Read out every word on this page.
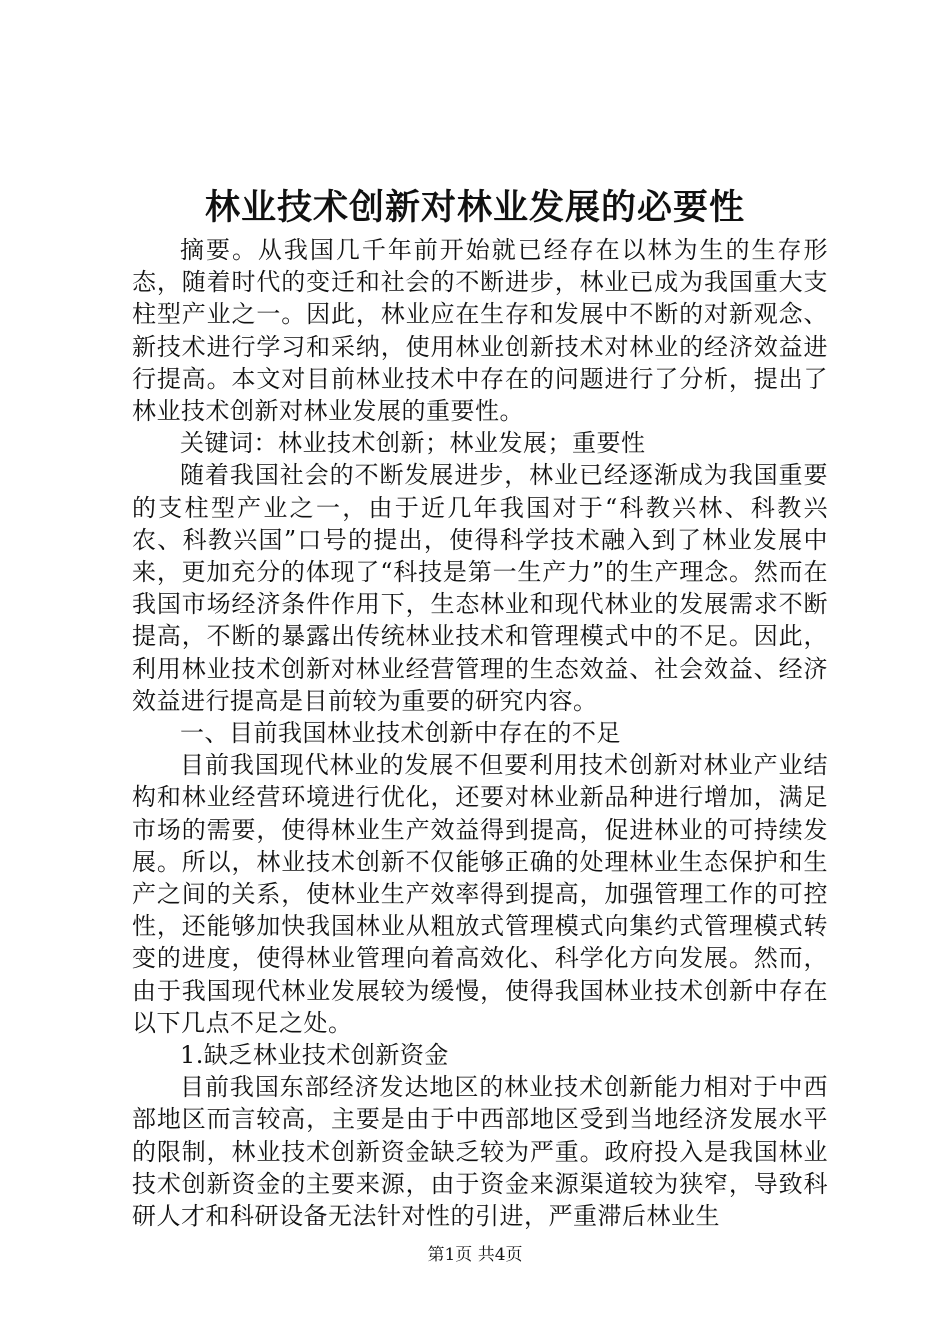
林业技术创新对林业发展的必要性

摘要。从我国几千年前开始就已经存在以林为生的生存形态，随着时代的变迁和社会的不断进步，林业已成为我国重大支柱型产业之一。因此，林业应在生存和发展中不断的对新观念、新技术进行学习和采纳，使用林业创新技术对林业的经济效益进行提高。本文对目前林业技术中存在的问题进行了分析，提出了林业技术创新对林业发展的重要性。

关键词：林业技术创新；林业发展；重要性

随着我国社会的不断发展进步，林业已经逐渐成为我国重要的支柱型产业之一，由于近几年我国对于“科教兴林、科教兴农、科教兴国”口号的提出，使得科学技术融入到了林业发展中来，更加充分的体现了“科技是第一生产力”的生产理念。然而在我国市场经济条件作用下，生态林业和现代林业的发展需求不断提高，不断的暴露出传统林业技术和管理模式中的不足。因此，利用林业技术创新对林业经营管理的生态效益、社会效益、经济效益进行提高是目前较为重要的研究内容。

一、目前我国林业技术创新中存在的不足

目前我国现代林业的发展不但要利用技术创新对林业产业结构和林业经营环境进行优化，还要对林业新品种进行增加，满足市场的需要，使得林业生产效益得到提高，促进林业的可持续发展。所以，林业技术创新不仅能够正确的处理林业生态保护和生产之间的关系，使林业生产效率得到提高，加强管理工作的可控性，还能够加快我国林业从粗放式管理模式向集约式管理模式转变的进度，使得林业管理向着高效化、科学化方向发展。然而，由于我国现代林业发展较为缓慢，使得我国林业技术创新中存在以下几点不足之处。

1.缺乏林业技术创新资金

目前我国东部经济发达地区的林业技术创新能力相对于中西部地区而言较高，主要是由于中西部地区受到当地经济发展水平的限制，林业技术创新资金缺乏较为严重。政府投入是我国林业技术创新资金的主要来源，由于资金来源渠道较为狭窄，导致科研人才和科研设备无法针对性的引进，严重滞后林业生

第1页 共4页
